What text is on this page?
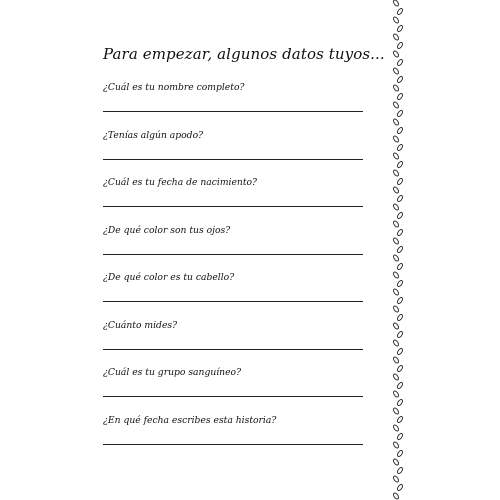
Para empezar, algunos datos tuyos...
¿Cuál es tu nombre completo?
¿Tenías algún apodo?
¿Cuál es tu fecha de nacimiento?
¿De qué color son tus ojos?
¿De qué color es tu cabello?
¿Cuánto mides?
¿Cuál es tu grupo sanguíneo?
¿En qué fecha escribes esta historia?
